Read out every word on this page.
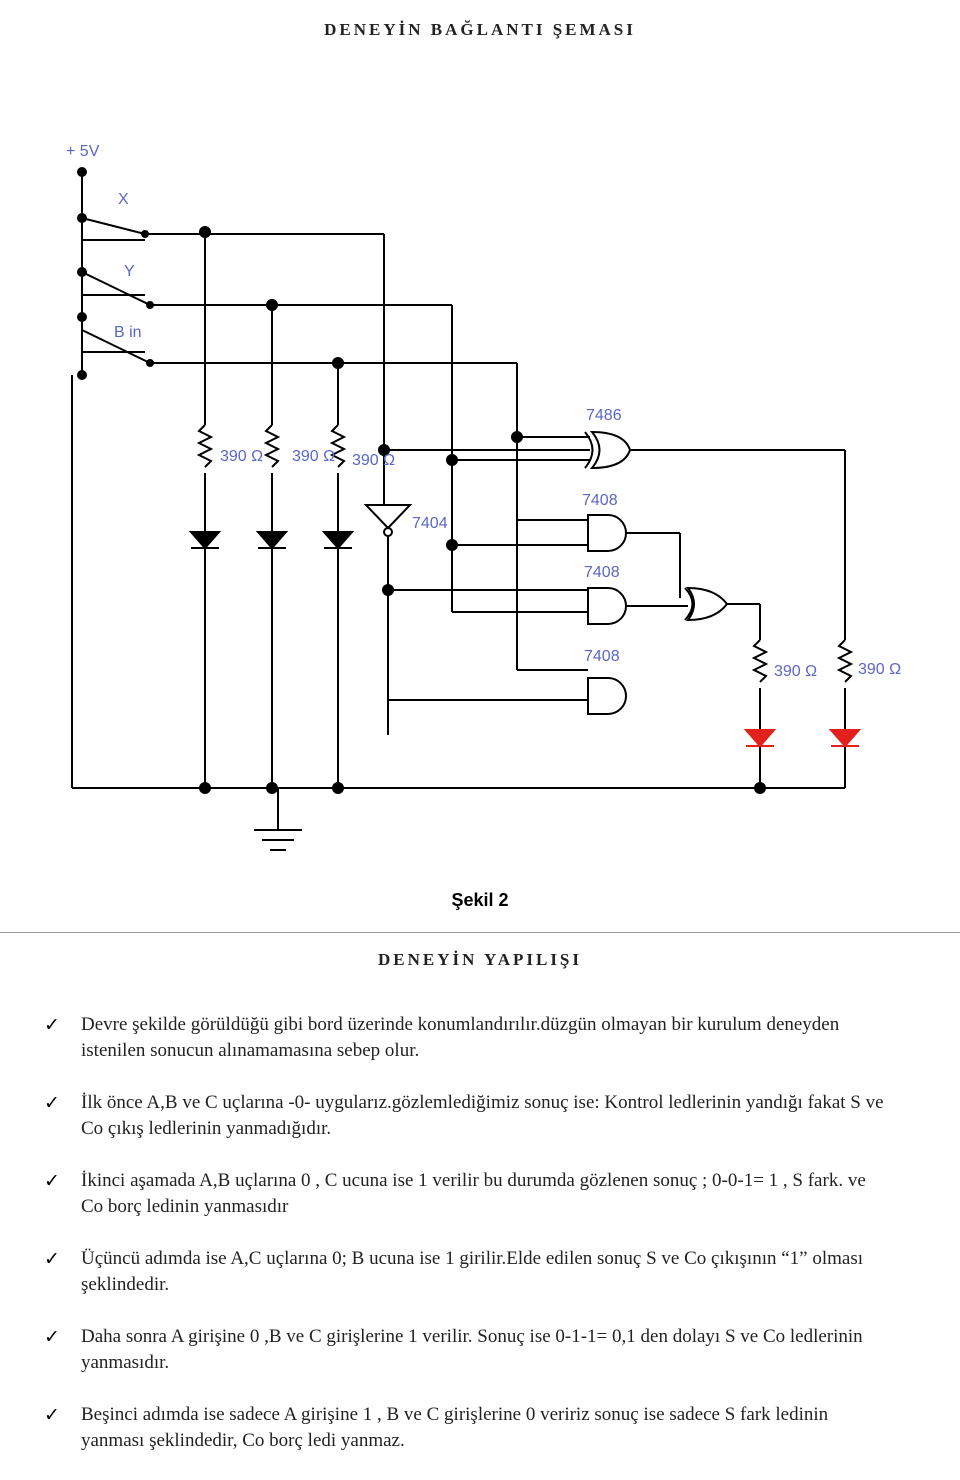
DENEYİN BAĞLANTI ŞEMASI
+ 5V
X
Y
B in
390 Ω 390 Ω 390 Ω
7404
7486
7408
7408
7408
390 Ω	390 Ω
Şekil 2
DENEYİN YAPILIŞI
✓ Devre şekilde görüldüğü gibi bord üzerinde konumlandırılır.düzgün olmayan bir kurulum deneyden istenilen sonucun alınamamasına sebep olur.
✓ İlk önce A,B ve C uçlarına -0- uygularız.gözlemlediğimiz sonuç ise: Kontrol ledlerinin yandığı fakat S ve Co çıkış ledlerinin yanmadığıdır.
✓ İkinci aşamada A,B uçlarına 0 , C ucuna ise 1 verilir bu durumda gözlenen sonuç ; 0-0-1= 1 , S fark. ve Co borç ledinin yanmasıdır
✓ Üçüncü adımda ise A,C uçlarına 0; B ucuna ise 1 girilir.Elde edilen sonuç S ve Co çıkışının “1” olması şeklindedir.
✓ Daha sonra A girişine 0 ,B ve C girişlerine 1 verilir. Sonuç ise 0-1-1= 0,1 den dolayı S ve Co ledlerinin yanmasıdır.
✓ Beşinci adımda ise sadece A girişine 1 , B ve C girişlerine 0 veririz sonuç ise sadece S fark ledinin yanması şeklindedir, Co borç ledi yanmaz.
